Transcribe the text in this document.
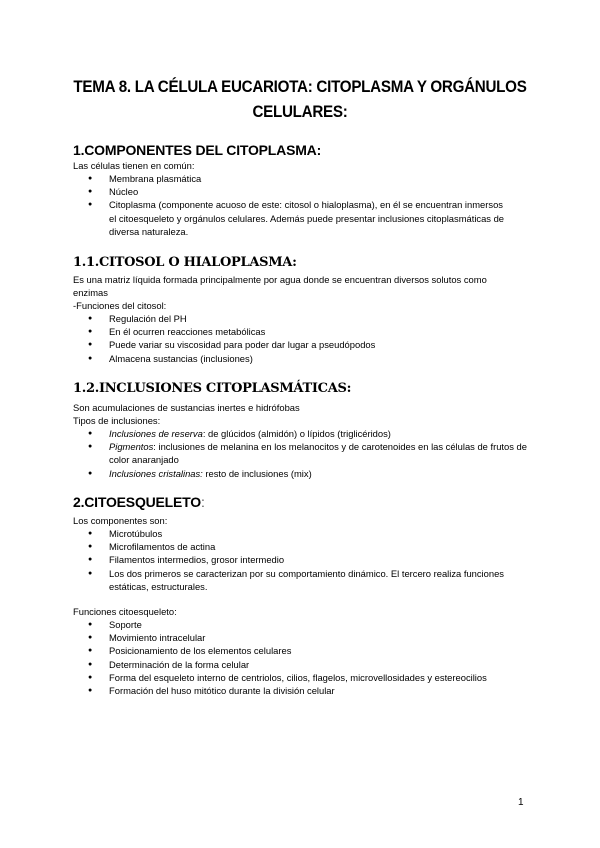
TEMA 8. LA CÉLULA EUCARIOTA: CITOPLASMA Y ORGÁNULOS
CELULARES:
1.COMPONENTES DEL CITOPLASMA:
Las células tienen en común:
● Membrana plasmática
● Núcleo
● Citoplasma (componente acuoso de este: citosol o hialoplasma), en él se encuentran inmersos el citoesqueleto y orgánulos celulares. Además puede presentar inclusiones citoplasmáticas de diversa naturaleza.
1.1.CITOSOL O HIALOPLASMA:
Es una matriz líquida formada principalmente por agua donde se encuentran diversos solutos como enzimas
-Funciones del citosol:
● Regulación del PH
● En él ocurren reacciones metabólicas
● Puede variar su viscosidad para poder dar lugar a pseudópodos
● Almacena sustancias (inclusiones)
1.2.INCLUSIONES CITOPLASMÁTICAS:
Son acumulaciones de sustancias inertes e hidrófobas
Tipos de inclusiones:
● Inclusiones de reserva: de glúcidos (almidón) o lípidos (triglicéridos)
● Pigmentos: inclusiones de melanina en los melanocitos y de carotenoides en las células de frutos de color anaranjado
● Inclusiones cristalinas: resto de inclusiones (mix)
2.CITOESQUELETO:
Los componentes son:
● Microtúbulos
● Microfilamentos de actina
● Filamentos intermedios, grosor intermedio
● Los dos primeros se caracterizan por su comportamiento dinámico. El tercero realiza funciones estáticas, estructurales.
Funciones citoesqueleto:
● Soporte
● Movimiento intracelular
● Posicionamiento de los elementos celulares
● Determinación de la forma celular
● Forma del esqueleto interno de centriolos, cilios, flagelos, microvellosidades y estereocilios
● Formación del huso mitótico durante la división celular
1
